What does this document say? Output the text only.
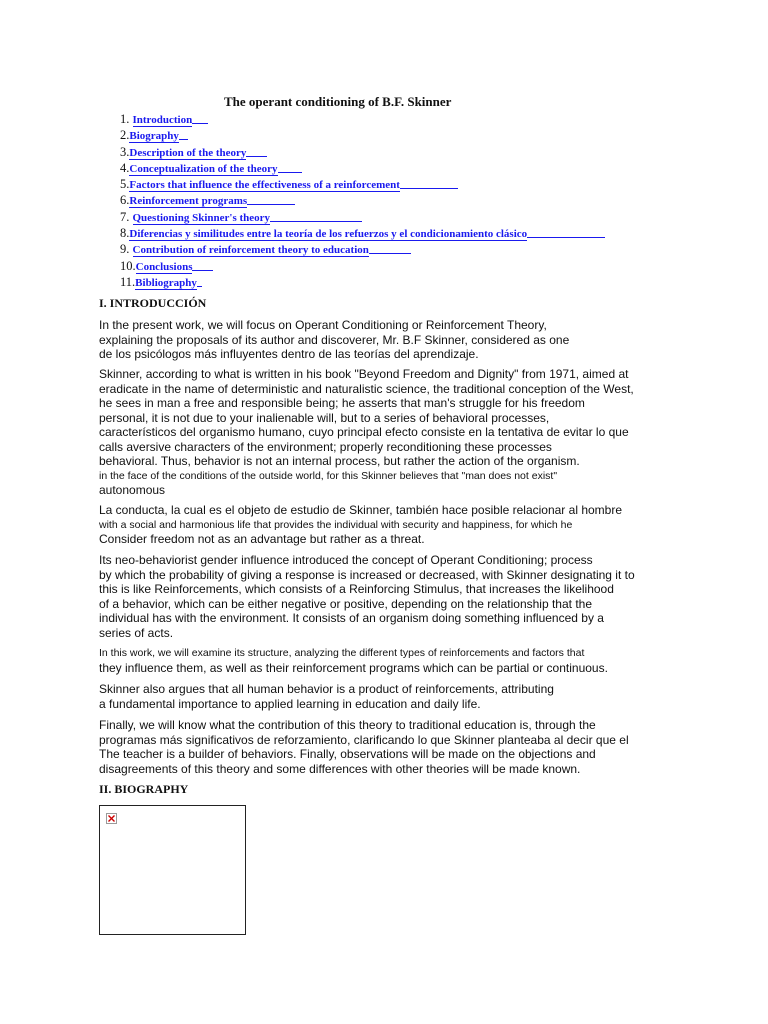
The operant conditioning of B.F. Skinner
1. Introduction
2.Biography
3.Description of the theory
4.Conceptualization of the theory
5.Factors that influence the effectiveness of a reinforcement
6.Reinforcement programs
7. Questioning Skinner's theory
8.Diferencias y similitudes entre la teoría de los refuerzos y el condicionamiento clásico
9. Contribution of reinforcement theory to education
10.Conclusions
11.Bibliography
I. INTRODUCCIÓN

In the present work, we will focus on Operant Conditioning or Reinforcement Theory,
explaining the proposals of its author and discoverer, Mr. B.F Skinner, considered as one
de los psicólogos más influyentes dentro de las teorías del aprendizaje.

Skinner, according to what is written in his book "Beyond Freedom and Dignity" from 1971, aimed at
eradicate in the name of deterministic and naturalistic science, the traditional conception of the West,
he sees in man a free and responsible being; he asserts that man's struggle for his freedom
personal, it is not due to your inalienable will, but to a series of behavioral processes,
característicos del organismo humano, cuyo principal efecto consiste en la tentativa de evitar lo que
calls aversive characters of the environment; properly reconditioning these processes
behavioral. Thus, behavior is not an internal process, but rather the action of the organism.
in the face of the conditions of the outside world, for this Skinner believes that "man does not exist"
autonomous

La conducta, la cual es el objeto de estudio de Skinner, también hace posible relacionar al hombre
with a social and harmonious life that provides the individual with security and happiness, for which he
Consider freedom not as an advantage but rather as a threat.

Its neo-behaviorist gender influence introduced the concept of Operant Conditioning; process
by which the probability of giving a response is increased or decreased, with Skinner designating it to
this is like Reinforcements, which consists of a Reinforcing Stimulus, that increases the likelihood
of a behavior, which can be either negative or positive, depending on the relationship that the
individual has with the environment. It consists of an organism doing something influenced by a
series of acts.

In this work, we will examine its structure, analyzing the different types of reinforcements and factors that
they influence them, as well as their reinforcement programs which can be partial or continuous.

Skinner also argues that all human behavior is a product of reinforcements, attributing
a fundamental importance to applied learning in education and daily life.

Finally, we will know what the contribution of this theory to traditional education is, through the
programas más significativos de reforzamiento, clarificando lo que Skinner planteaba al decir que el
The teacher is a builder of behaviors. Finally, observations will be made on the objections and
disagreements of this theory and some differences with other theories will be made known.

II. BIOGRAPHY
